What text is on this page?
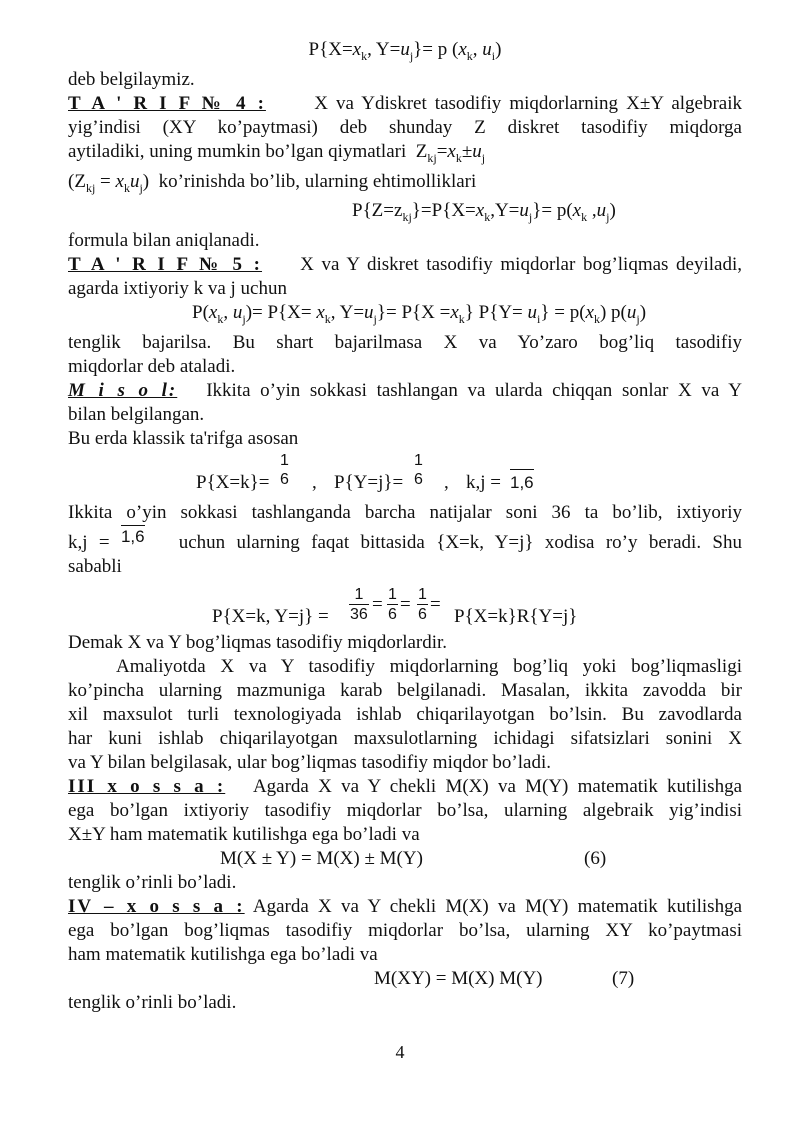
$P\{X=x_k$, $Y=u_j\}= p$ ($x_k$, $u_i$)
deb belgilaymiz.
T A ' R I F № 4 :	X va Ydiskret tasodifiy miqdorlarning X±Y algebraik
yig’indisi (XY ko’paytmasi) deb shunday Z diskret tasodifiy miqdorga
aytiladiki, uning mumkin bo’lgan qiymatlari  $Z_{kj}=x_k\pm u_j$
$(Z_{kj} = x_ku_j)$  ko’rinishda bo’lib, ularning ehtimolliklari
$P\{Z=z_{kj}\}=P\{X=x_k,Y=u_j\}= p(x_k$ $,u_j$)
formula bilan aniqlanadi.
T A ' R I F № 5 : X va Y diskret tasodifiy miqdorlar bog’liqmas deyiladi,
agarda ixtiyoriy k va j uchun
$P(x_k$, $u_j)= P\{X= x_k$, $Y=u_j\}= P\{X =x_k\}$ $P\{Y= u_i\} = p(x_k)$ $p(u_j)$
tenglik bajarilsa. Bu shart bajarilmasa X va Yo’zaro bog’liq tasodifiy
miqdorlar deb ataladi.
M i s o l: Ikkita o’yin sokkasi tashlangan va ularda chiqqan sonlar X va Y
bilan belgilangan.
Bu erda klassik ta'rifga asosan
P{X=k}=
1
6 , P{Y=j}=
1
6 , k,j = 1,6
Ikkita o’yin sokkasi tashlanganda barcha natijalar soni 36 ta bo’lib, ixtiyoriy
k,j = 1,6 uchun ularning faqat bittasida {X=k, Y=j} xodisa ro’y beradi. Shu
sababli
P{X=k, $Y=j\} = \frac{1}{36} = \frac{1}{6} = \frac{1}{6}$ =
P{X=k}R{Y=j}
Demak X va Y bog’liqmas tasodifiy miqdorlardir.
Amaliyotda X va Y tasodifiy miqdorlarning bog’liq yoki bog’liqmasligi
ko’pincha ularning mazmuniga karab belgilanadi. Masalan, ikkita zavodda bir
xil maxsulot turli texnologiyada ishlab chiqarilayotgan bo’lsin. Bu zavodlarda
har kuni ishlab chiqarilayotgan maxsulotlarning ichidagi sifatsizlari sonini X
va Y bilan belgilasak, ular bog’liqmas tasodifiy miqdor bo’ladi.
III x o s s a : Agarda X va Y chekli M(X) va M(Y) matematik kutilishga
ega bo’lgan ixtiyoriy tasodifiy miqdorlar bo’lsa, ularning algebraik yig’indisi
X±Y ham matematik kutilishga ega bo’ladi va
M(X ± Y) = M(X) ± M(Y)	(6)
tenglik o’rinli bo’ladi.
IV – x o s s a : Agarda X va Y chekli M(X) va M(Y) matematik kutilishga
ega bo’lgan bog’liqmas tasodifiy miqdorlar bo’lsa, ularning XY ko’paytmasi
ham matematik kutilishga ega bo’ladi va
M(XY) = M(X) M(Y)	(7)
tenglik o’rinli bo’ladi.
4
